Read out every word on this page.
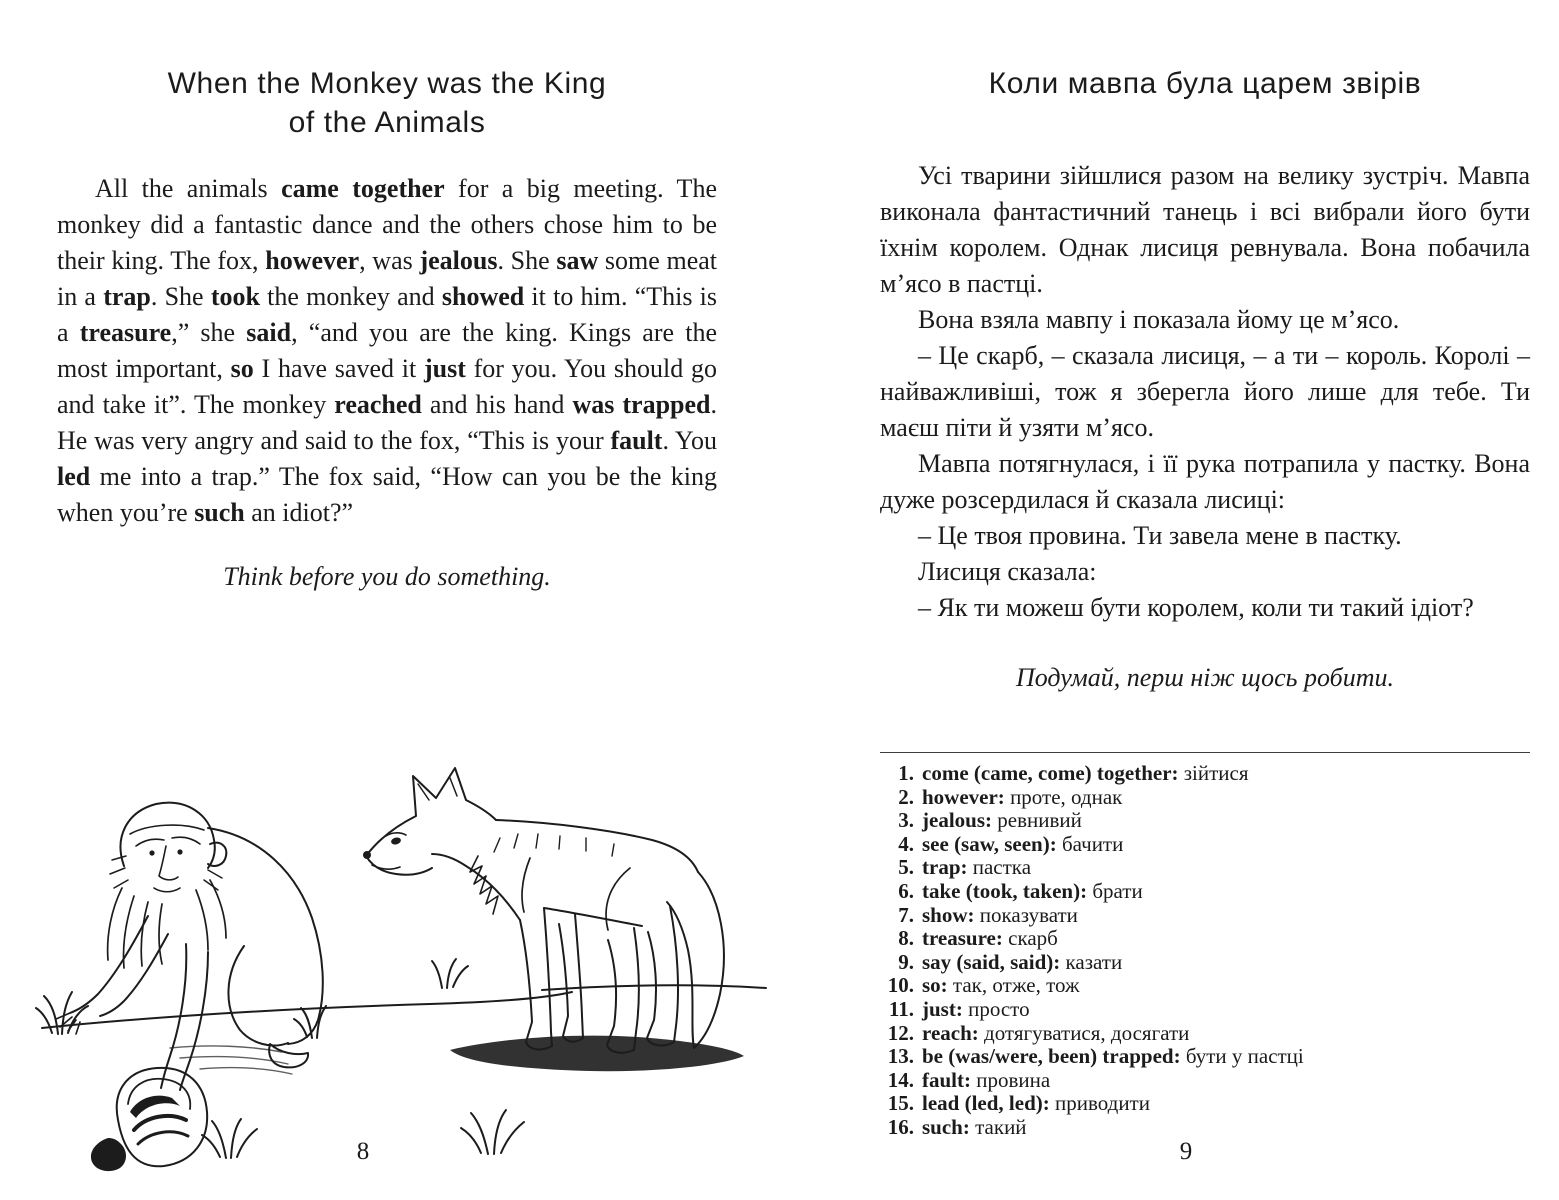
When the Monkey was the King
of the Animals

All the animals came together for a big meeting. The monkey did a fantastic dance and the others chose him to be their king. The fox, however, was jealous. She saw some meat in a trap. She took the monkey and showed it to him. “This is a treasure,” she said, “and you are the king. Kings are the most important, so I have saved it just for you. You should go and take it”. The monkey reached and his hand was trapped. He was very angry and said to the fox, “This is your fault. You led me into a trap.” The fox said, “How can you be the king when you’re such an idiot?”

Think before you do something.
8
Коли мавпа була царем звірів

Усі тварини зійшлися разом на велику зустріч. Мавпа виконала фантастичний танець і всі вибрали його бути їхнім королем. Однак лисиця ревнувала. Вона побачила м’ясо в пастці.

Вона взяла мавпу і показала йому це м’ясо.

– Це скарб, – сказала лисиця, – а ти – король. Королі – найважливіші, тож я зберегла його лише для тебе. Ти маєш піти й узяти м’ясо.

Мавпа потягнулася, і її рука потрапила у пастку. Вона дуже розсердилася й сказала лисиці:

– Це твоя провина. Ти завела мене в пастку.

Лисиця сказала:

– Як ти можеш бути королем, коли ти такий ідіот?

Подумай, перш ніж щось робити.
1. come (came, come) together: зійтися
2. however: проте, однак
3. jealous: ревнивий
4. see (saw, seen): бачити
5. trap: пастка
6. take (took, taken): брати
7. show: показувати
8. treasure: скарб
9. say (said, said): казати
10. so: так, отже, тож
11. just: просто
12. reach: дотягуватися, досягати
13. be (was/were, been) trapped: бути у пастці
14. fault: провина
15. lead (led, led): приводити
16. such: такий
9
